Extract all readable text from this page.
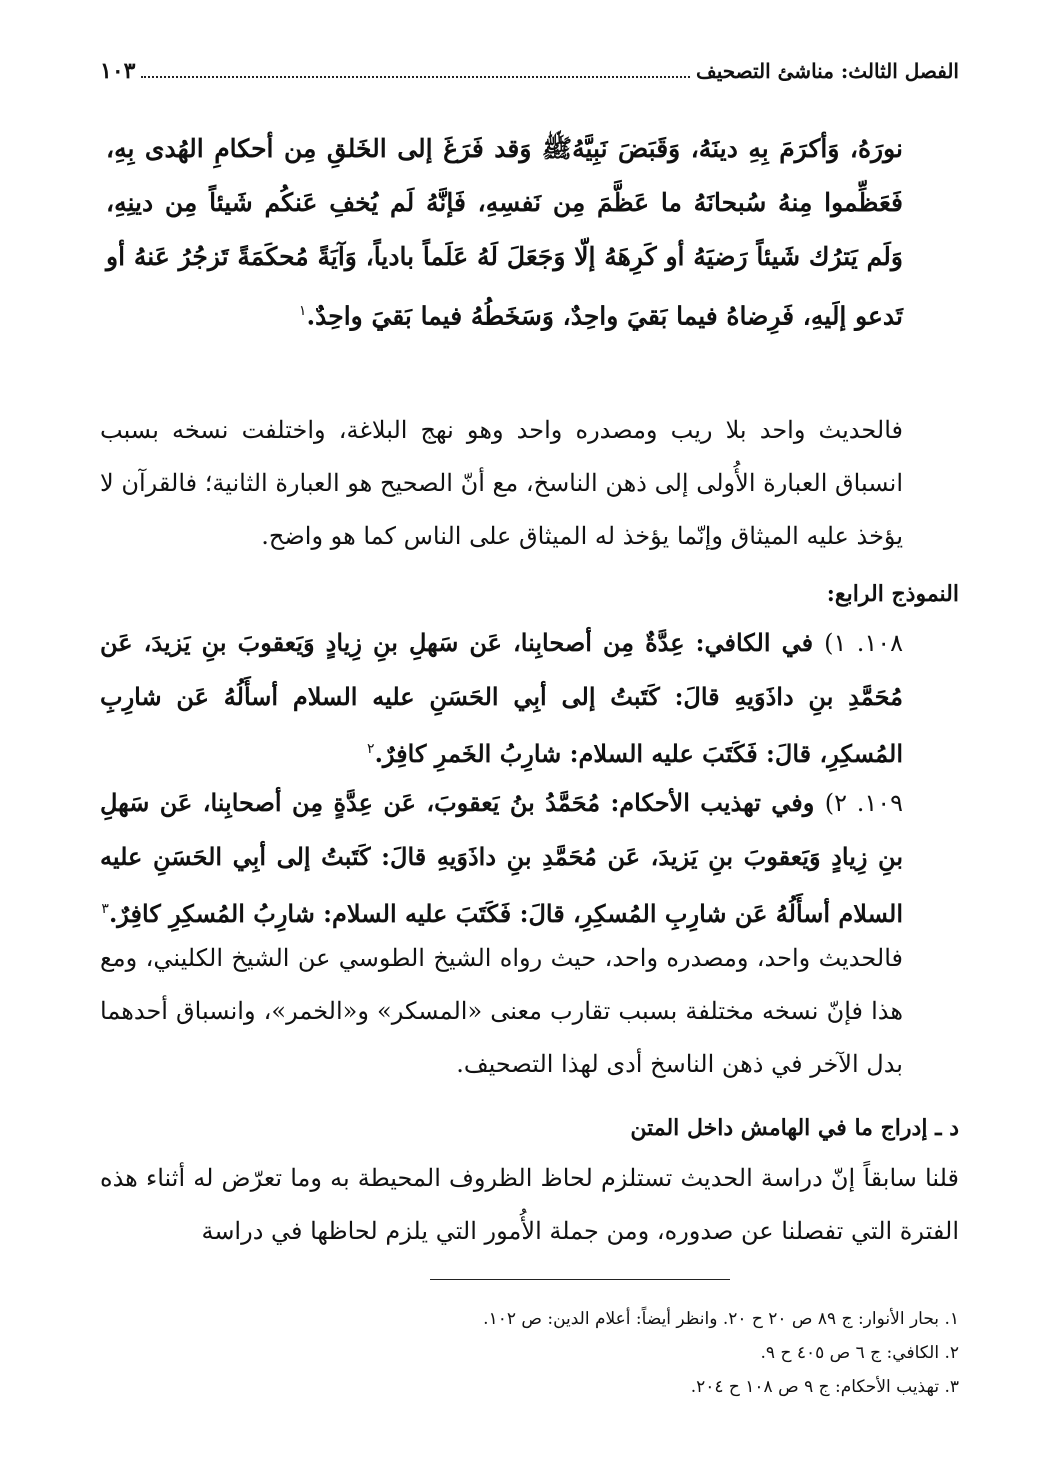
الفصل الثالث: مناشئ التصحيف
١٠٣
نورَهُ، وَأكرَمَ بِهِ دينَهُ، وَقَبَضَ نَبِيَّهُﷺ وَقد فَرَغَ إلى الخَلقِ مِن أحكامِ الهُدى بِهِ، فَعَظِّموا مِنهُ سُبحانَهُ ما عَظَّمَ مِن نَفسِهِ، فَإنَّهُ لَم يُخفِ عَنكُم شَيئاً مِن دينِهِ، وَلَم يَترُك شَيئاً رَضيَهُ أو كَرِهَهُ إلّا وَجَعَلَ لَهُ عَلَماً بادياً، وَآيَةً مُحكَمَةً تَزجُرُ عَنهُ أو تَدعو إلَيهِ، فَرِضاهُ فيما بَقيَ واحِدٌ، وَسَخَطُهُ فيما بَقيَ واحِدٌ.$^١$
فالحديث واحد بلا ريب ومصدره واحد وهو نهج البلاغة، واختلفت نسخه بسبب انسباق العبارة الأُولى إلى ذهن الناسخ، مع أنّ الصحيح هو العبارة الثانية؛ فالقرآن لا يؤخذ عليه الميثاق وإنّما يؤخذ له الميثاق على الناس كما هو واضح.
النموذج الرابع:
١٠٨. ١) في الكافي: عِدَّةٌ مِن أصحابِنا، عَن سَهلِ بنِ زِيادٍ وَيَعقوبَ بنِ يَزيدَ، عَن مُحَمَّدِ بنِ داذَوَيهِ قالَ: كَتَبتُ إلى أبِي الحَسَنِ عليه السلام أسأَلُهُ عَن شارِبِ المُسكِرِ، قالَ: فَكَتَبَ عليه السلام: شارِبُ الخَمرِ كافِرٌ.$^٢$
١٠٩. ٢) وفي تهذيب الأحكام: مُحَمَّدُ بنُ يَعقوبَ، عَن عِدَّةٍ مِن أصحابِنا، عَن سَهلِ بنِ زِيادٍ وَيَعقوبَ بنِ يَزيدَ، عَن مُحَمَّدِ بنِ داذَوَيهِ قالَ: كَتَبتُ إلى أبِي الحَسَنِ عليه السلام أسأَلُهُ عَن شارِبِ المُسكِرِ، قالَ: فَكَتَبَ عليه السلام: شارِبُ المُسكِرِ كافِرٌ.$^٣$
فالحديث واحد، ومصدره واحد، حيث رواه الشيخ الطوسي عن الشيخ الكليني، ومع هذا فإنّ نسخه مختلفة بسبب تقارب معنى «المسكر» و«الخمر»، وانسباق أحدهما بدل الآخر في ذهن الناسخ أدى لهذا التصحيف.
د ـ إدراج ما في الهامش داخل المتن
قلنا سابقاً إنّ دراسة الحديث تستلزم لحاظ الظروف المحيطة به وما تعرّض له أثناء هذه الفترة التي تفصلنا عن صدوره، ومن جملة الأُمور التي يلزم لحاظها في دراسة
١. بحار الأنوار: ج ٨٩ ص ٢٠ ح ٢٠. وانظر أيضاً: أعلام الدين: ص ١٠٢.
٢. الكافي: ج ٦ ص ٤٠٥ ح ٩.
٣. تهذيب الأحكام: ج ٩ ص ١٠٨ ح ٢٠٤.
